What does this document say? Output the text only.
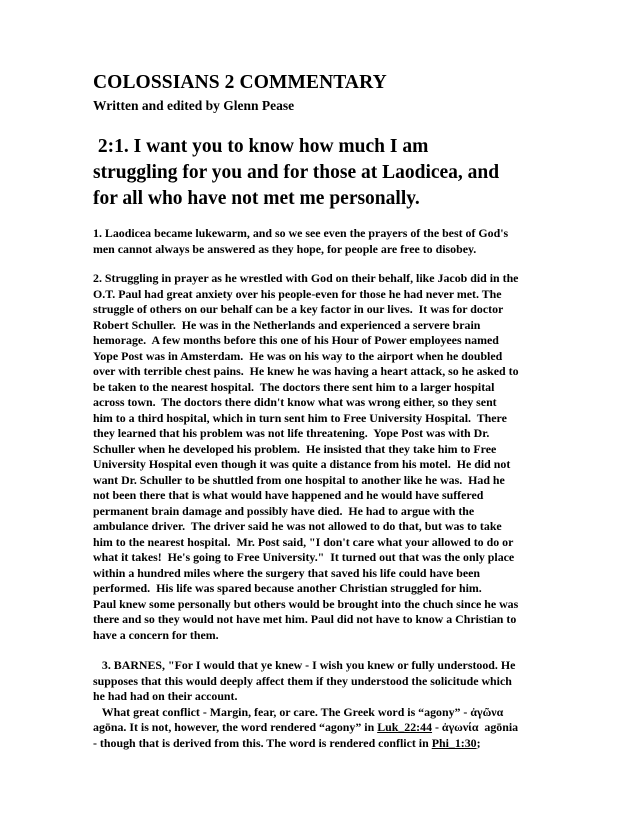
COLOSSIANS 2 COMMENTARY
Written and edited by Glenn Pease
2:1. I want you to know how much I am
struggling for you and for those at Laodicea, and
for all who have not met me personally.
1. Laodicea became lukewarm, and so we see even the prayers of the best of God's
men cannot always be answered as they hope, for people are free to disobey.
2. Struggling in prayer as he wrestled with God on their behalf, like Jacob did in the
O.T. Paul had great anxiety over his people-even for those he had never met. The
struggle of others on our behalf can be a key factor in our lives.  It was for doctor
Robert Schuller.  He was in the Netherlands and experienced a servere brain
hemorage.  A few months before this one of his Hour of Power employees named
Yope Post was in Amsterdam.  He was on his way to the airport when he doubled
over with terrible chest pains.  He knew he was having a heart attack, so he asked to
be taken to the nearest hospital.  The doctors there sent him to a larger hospital
across town.  The doctors there didn't know what was wrong either, so they sent
him to a third hospital, which in turn sent him to Free University Hospital.  There
they learned that his problem was not life threatening.  Yope Post was with Dr.
Schuller when he developed his problem.  He insisted that they take him to Free
University Hospital even though it was quite a distance from his motel.  He did not
want Dr. Schuller to be shuttled from one hospital to another like he was.  Had he
not been there that is what would have happened and he would have suffered
permanent brain damage and possibly have died.  He had to argue with the
ambulance driver.  The driver said he was not allowed to do that, but was to take
him to the nearest hospital.  Mr. Post said, "I don't care what your allowed to do or
what it takes!  He's going to Free University."  It turned out that was the only place
within a hundred miles where the surgery that saved his life could have been
performed.  His life was spared because another Christian struggled for him.
Paul knew some personally but others would be brought into the chuch since he was
there and so they would not have met him. Paul did not have to know a Christian to
have a concern for them.
3. BARNES, "For I would that ye knew - I wish you knew or fully understood. He
supposes that this would deeply affect them if they understood the solicitude which
he had had on their account.
What great conflict - Margin, fear, or care. The Greek word is “agony” - ἀγῶνα
agōna. It is not, however, the word rendered “agony” in Luk_22:44 - ἀγωνία  agōnia
- though that is derived from this. The word is rendered conflict in Phi_1:30;
